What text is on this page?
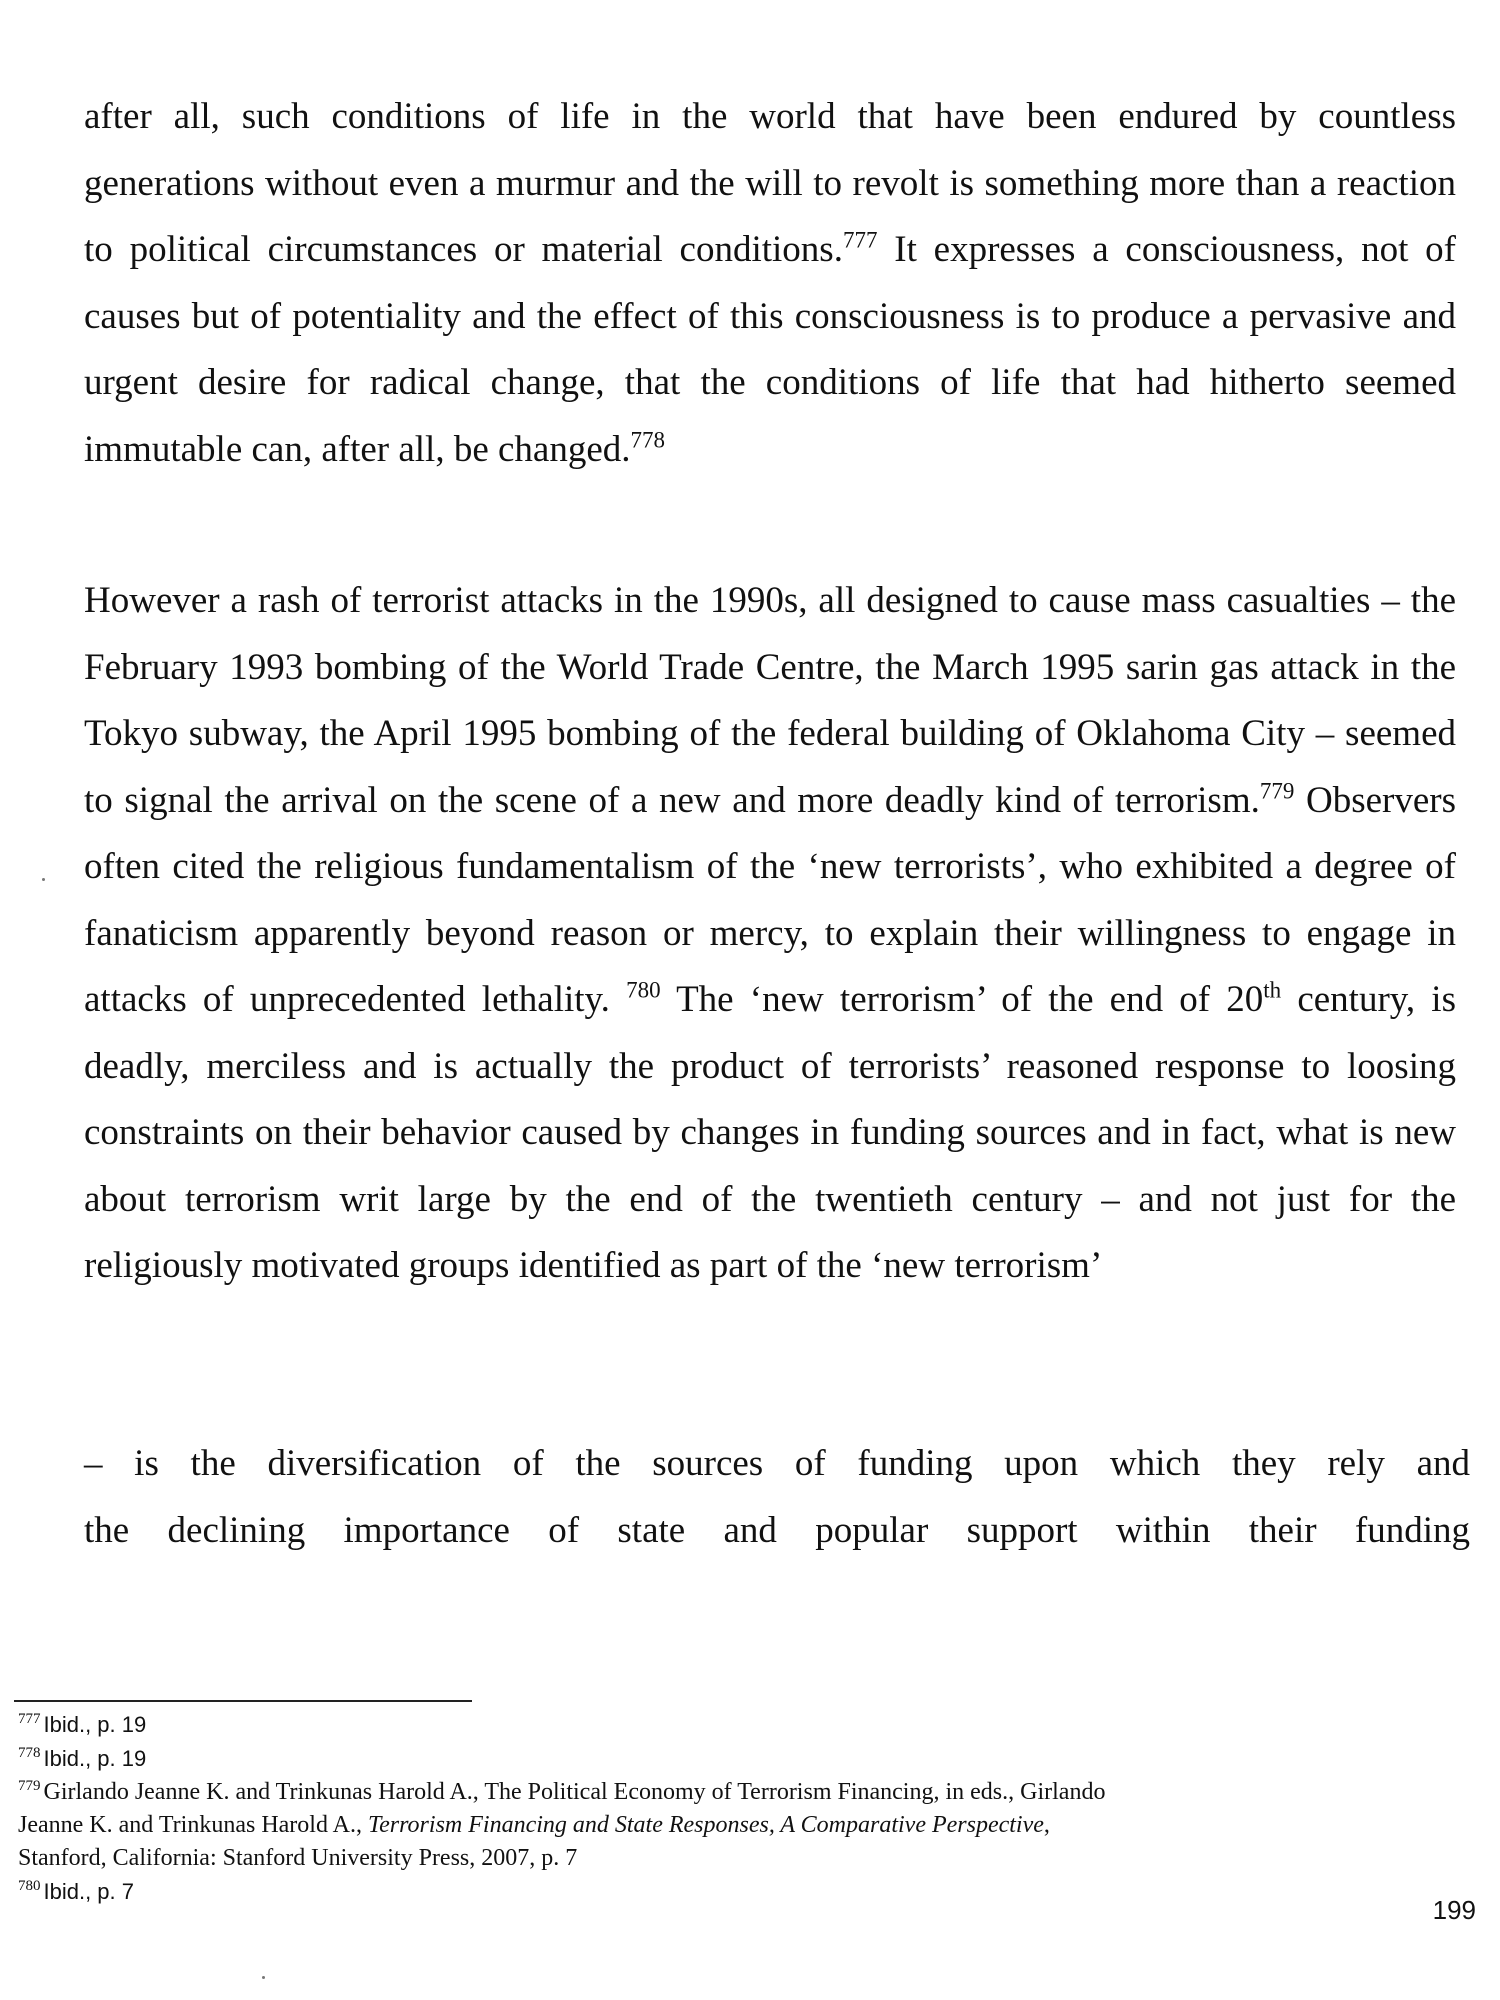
after all, such conditions of life in the world that have been endured by countless generations without even a murmur and the will to revolt is something more than a reaction to political circumstances or material conditions.$^{777}$ It expresses a consciousness, not of causes but of potentiality and the effect of this consciousness is to produce a pervasive and urgent desire for radical change, that the conditions of life that had hitherto seemed immutable can, after all, be changed.$^{778}$

However a rash of terrorist attacks in the 1990s, all designed to cause mass casualties – the February 1993 bombing of the World Trade Centre, the March 1995 sarin gas attack in the Tokyo subway, the April 1995 bombing of the federal building of Oklahoma City – seemed to signal the arrival on the scene of a new and more deadly kind of terrorism.$^{779}$ Observers often cited the religious fundamentalism of the ‘new terrorists’, who exhibited a degree of fanaticism apparently beyond reason or mercy, to explain their willingness to engage in attacks of unprecedented lethality. $^{780}$ The ‘new terrorism’ of the end of 20th century, is deadly, merciless and is actually the product of terrorists’ reasoned response to loosing constraints on their behavior caused by changes in funding sources and in fact, what is new about terrorism writ large by the end of the twentieth century – and not just for the religiously motivated groups identified as part of the ‘new terrorism’

– is the diversification of the sources of funding upon which they rely and

the declining importance of state and popular support within their funding

$^{777}$ Ibid., p. 19

$^{778}$ Ibid., p. 19

$^{779}$ Girlando Jeanne K. and Trinkunas Harold A., The Political Economy of Terrorism Financing, in eds., Girlando

Jeanne K. and Trinkunas Harold A., Terrorism Financing and State Responses, A Comparative Perspective,

Stanford, California: Stanford University Press, 2007, p. 7

$^{780}$ Ibid., p. 7

199
